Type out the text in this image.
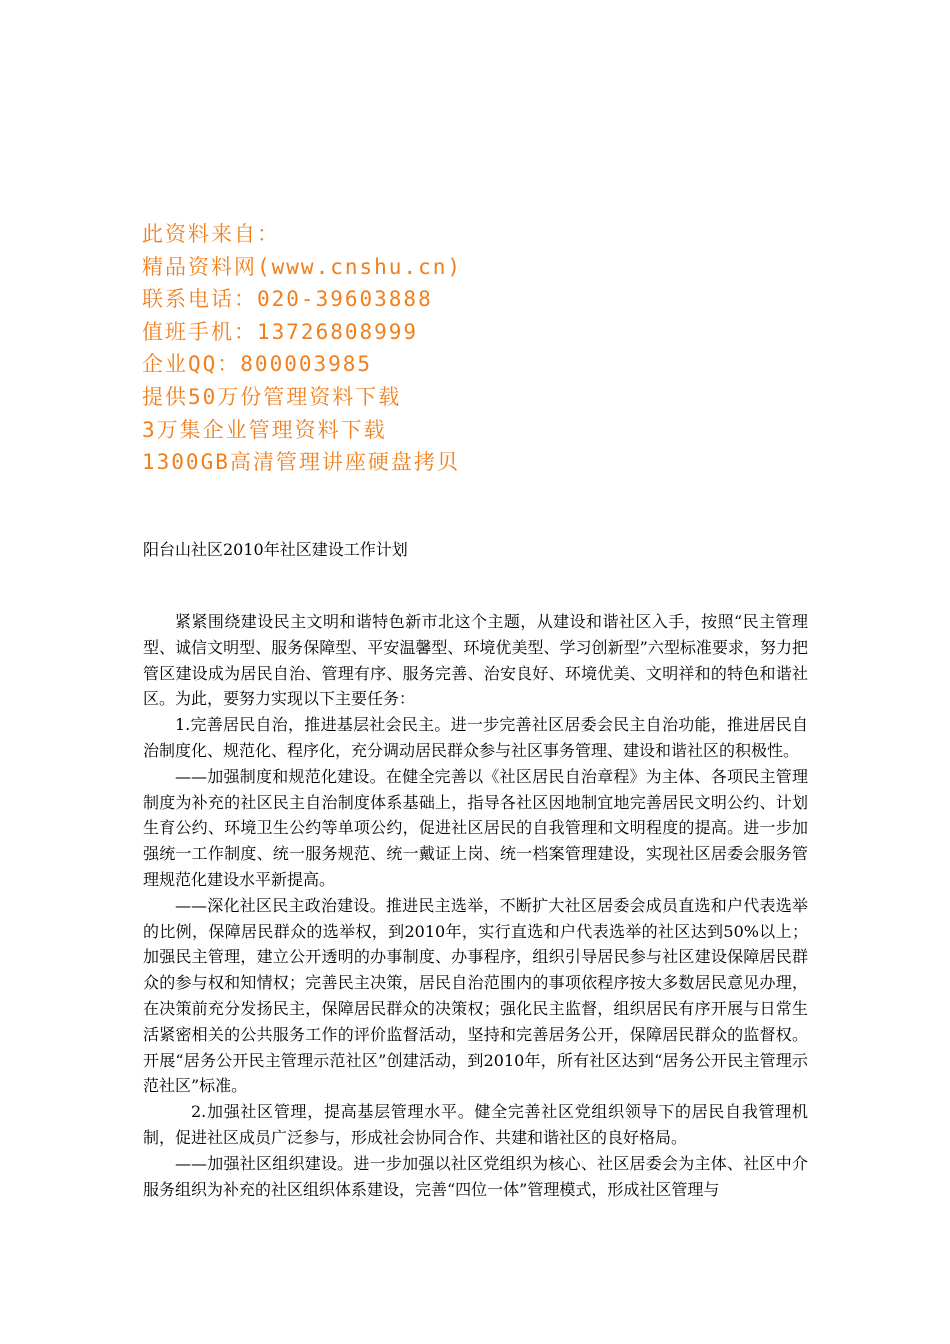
此资料来自：
精品资料网(www.cnshu.cn)
联系电话：020-39603888
值班手机：13726808999
企业QQ：800003985
提供50万份管理资料下载
3万集企业管理资料下载
1300GB高清管理讲座硬盘拷贝
阳台山社区2010年社区建设工作计划

紧紧围绕建设民主文明和谐特色新市北这个主题，从建设和谐社区入手，按照“民主管理型、诚信文明型、服务保障型、平安温馨型、环境优美型、学习创新型”六型标准要求，努力把管区建设成为居民自治、管理有序、服务完善、治安良好、环境优美、文明祥和的特色和谐社区。为此，要努力实现以下主要任务：

1.完善居民自治，推进基层社会民主。进一步完善社区居委会民主自治功能，推进居民自治制度化、规范化、程序化，充分调动居民群众参与社区事务管理、建设和谐社区的积极性。

——加强制度和规范化建设。在健全完善以《社区居民自治章程》为主体、各项民主管理制度为补充的社区民主自治制度体系基础上，指导各社区因地制宜地完善居民文明公约、计划生育公约、环境卫生公约等单项公约，促进社区居民的自我管理和文明程度的提高。进一步加强统一工作制度、统一服务规范、统一戴证上岗、统一档案管理建设，实现社区居委会服务管理规范化建设水平新提高。

——深化社区民主政治建设。推进民主选举，不断扩大社区居委会成员直选和户代表选举的比例，保障居民群众的选举权，到2010年，实行直选和户代表选举的社区达到50%以上；加强民主管理，建立公开透明的办事制度、办事程序，组织引导居民参与社区建设保障居民群众的参与权和知情权；完善民主决策，居民自治范围内的事项依程序按大多数居民意见办理，在决策前充分发扬民主，保障居民群众的决策权；强化民主监督，组织居民有序开展与日常生活紧密相关的公共服务工作的评价监督活动，坚持和完善居务公开，保障居民群众的监督权。开展“居务公开民主管理示范社区”创建活动，到2010年，所有社区达到“居务公开民主管理示范社区”标准。

2.加强社区管理，提高基层管理水平。健全完善社区党组织领导下的居民自我管理机制，促进社区成员广泛参与，形成社会协同合作、共建和谐社区的良好格局。

——加强社区组织建设。进一步加强以社区党组织为核心、社区居委会为主体、社区中介服务组织为补充的社区组织体系建设，完善“四位一体”管理模式，形成社区管理与
